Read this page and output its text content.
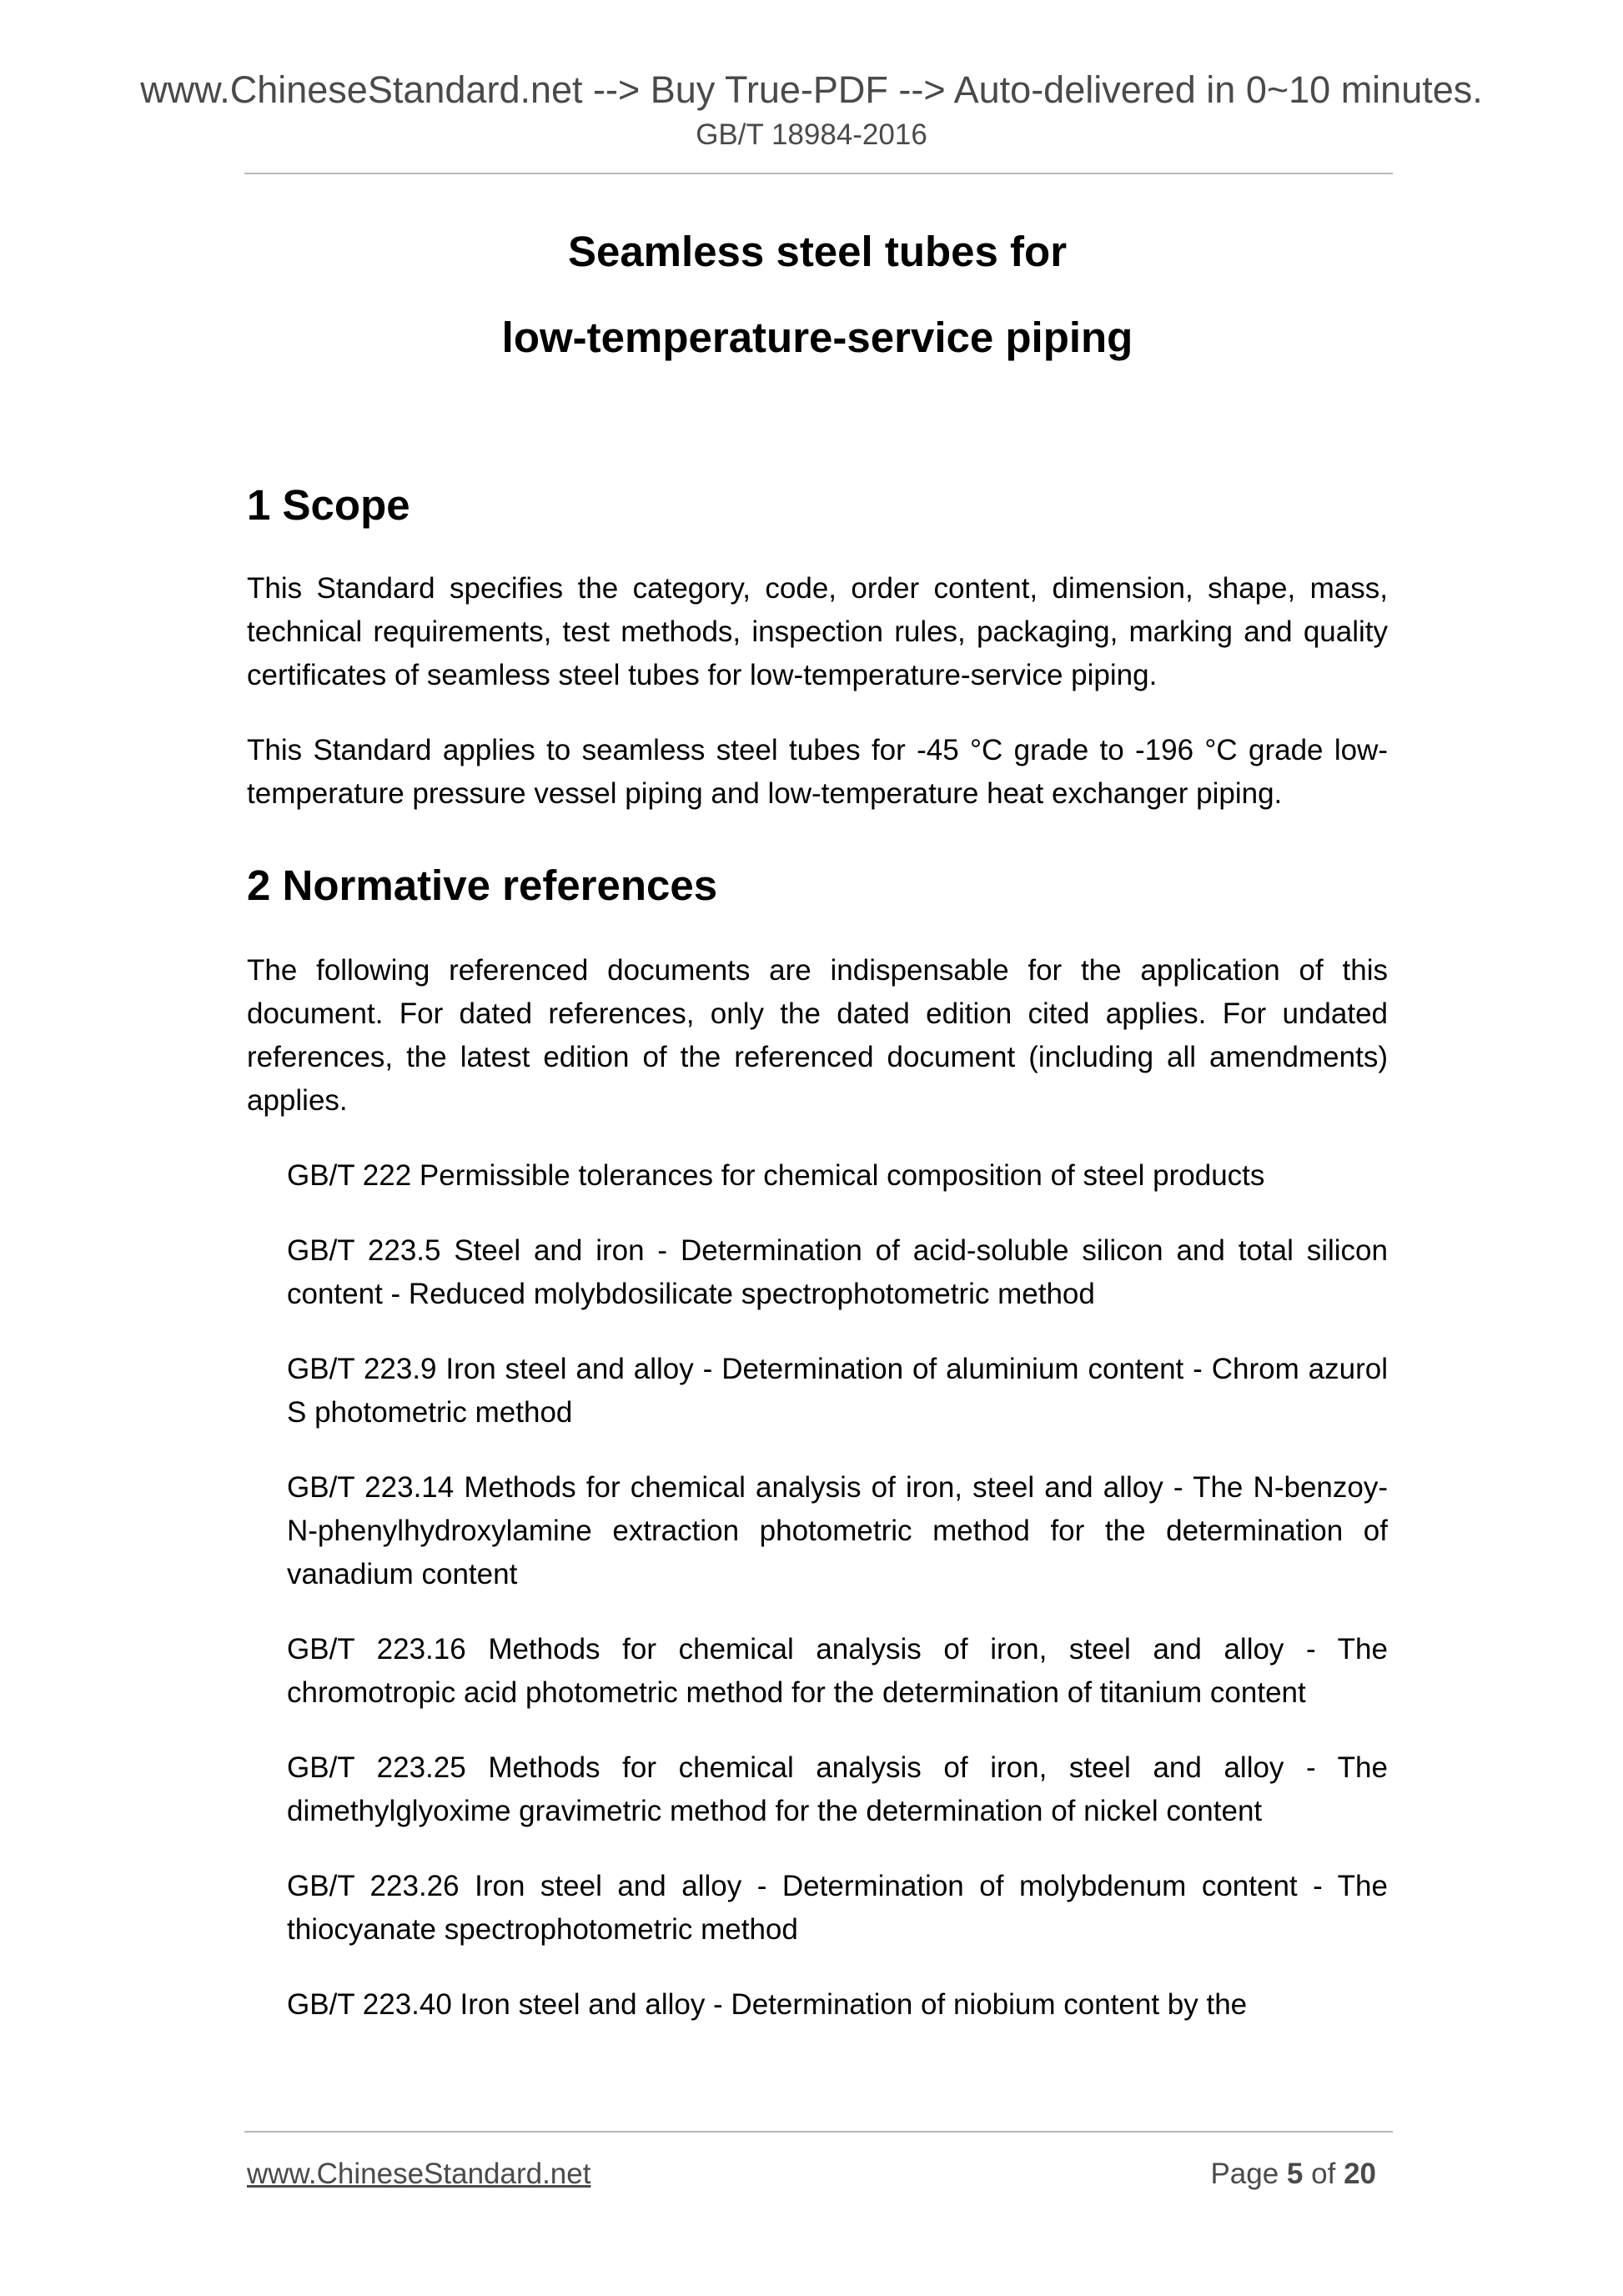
www.ChineseStandard.net --> Buy True-PDF --> Auto-delivered in 0~10 minutes.
GB/T 18984-2016
Seamless steel tubes for
low-temperature-service piping
1 Scope

This Standard specifies the category, code, order content, dimension, shape, mass, technical requirements, test methods, inspection rules, packaging, marking and quality certificates of seamless steel tubes for low-temperature-service piping.

This Standard applies to seamless steel tubes for -45 °C grade to -196 °C grade low-temperature pressure vessel piping and low-temperature heat exchanger piping.

2 Normative references

The following referenced documents are indispensable for the application of this document. For dated references, only the dated edition cited applies. For undated references, the latest edition of the referenced document (including all amendments) applies.

GB/T 222 Permissible tolerances for chemical composition of steel products

GB/T 223.5 Steel and iron - Determination of acid-soluble silicon and total silicon content - Reduced molybdosilicate spectrophotometric method

GB/T 223.9 Iron steel and alloy - Determination of aluminium content - Chrom azurol S photometric method

GB/T 223.14 Methods for chemical analysis of iron, steel and alloy - The N-benzoy-N-phenylhydroxylamine extraction photometric method for the determination of vanadium content

GB/T 223.16 Methods for chemical analysis of iron, steel and alloy - The chromotropic acid photometric method for the determination of titanium content

GB/T 223.25 Methods for chemical analysis of iron, steel and alloy - The dimethylglyoxime gravimetric method for the determination of nickel content

GB/T 223.26 Iron steel and alloy - Determination of molybdenum content - The thiocyanate spectrophotometric method

GB/T 223.40 Iron steel and alloy - Determination of niobium content by the

www.ChineseStandard.net	Page 5 of 20
